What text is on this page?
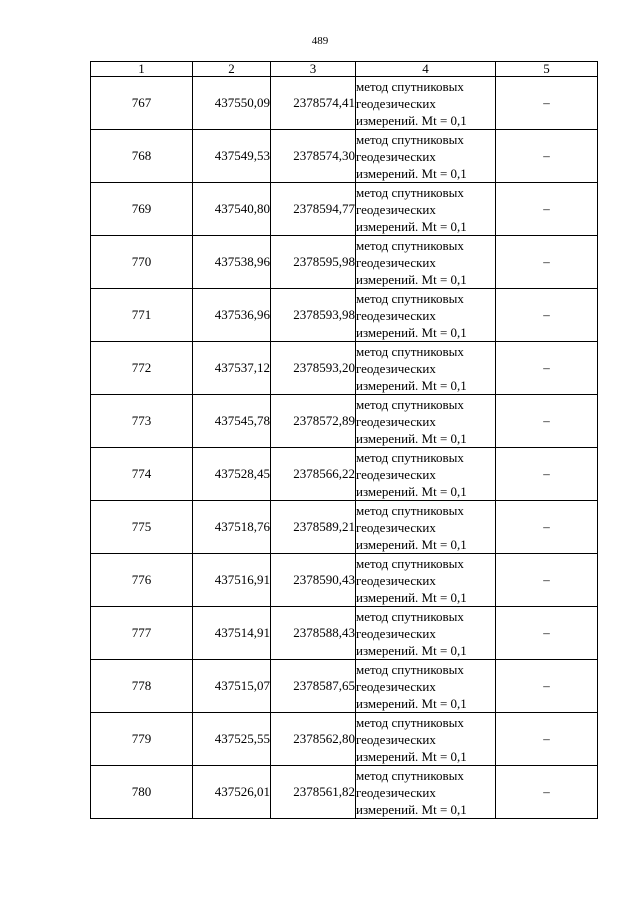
489
1	2	3	4	5
767	437550,09	2378574,41	метод спутниковых
геодезических
измерений. Mt = 0,1	–
768	437549,53	2378574,30	метод спутниковых
геодезических
измерений. Mt = 0,1	–
769	437540,80	2378594,77	метод спутниковых
геодезических
измерений. Mt = 0,1	–
770	437538,96	2378595,98	метод спутниковых
геодезических
измерений. Mt = 0,1	–
771	437536,96	2378593,98	метод спутниковых
геодезических
измерений. Mt = 0,1	–
772	437537,12	2378593,20	метод спутниковых
геодезических
измерений. Mt = 0,1	–
773	437545,78	2378572,89	метод спутниковых
геодезических
измерений. Mt = 0,1	–
774	437528,45	2378566,22	метод спутниковых
геодезических
измерений. Mt = 0,1	–
775	437518,76	2378589,21	метод спутниковых
геодезических
измерений. Mt = 0,1	–
776	437516,91	2378590,43	метод спутниковых
геодезических
измерений. Mt = 0,1	–
777	437514,91	2378588,43	метод спутниковых
геодезических
измерений. Mt = 0,1	–
778	437515,07	2378587,65	метод спутниковых
геодезических
измерений. Mt = 0,1	–
779	437525,55	2378562,80	метод спутниковых
геодезических
измерений. Mt = 0,1	–
780	437526,01	2378561,82	метод спутниковых
геодезических
измерений. Mt = 0,1	–
